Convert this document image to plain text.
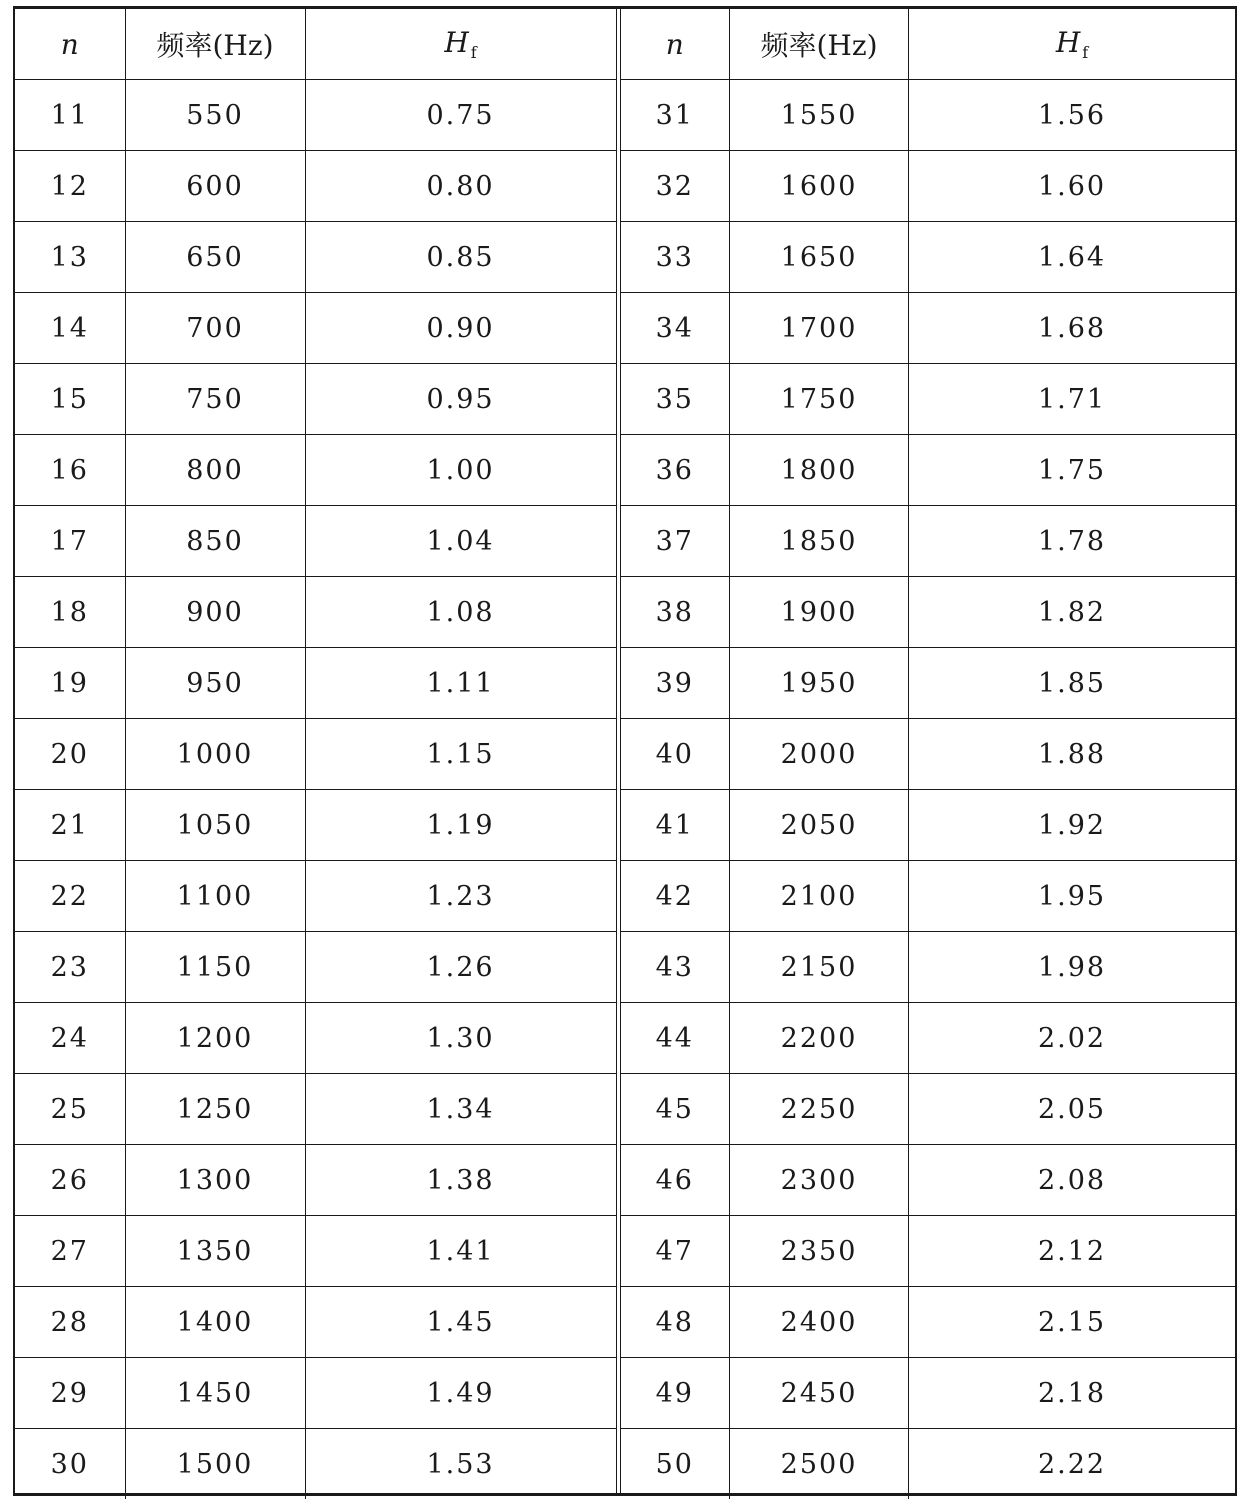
n	频率(Hz)	H $_f$
11	550	0.75
12	600	0.80
13	650	0.85
14	700	0.90
15	750	0.95
16	800	1.00
17	850	1.04
18	900	1.08
19	950	1.11
20	1000	1.15
21	1050	1.19
22	1100	1.23
23	1150	1.26
24	1200	1.30
25	1250	1.34
26	1300	1.38
27	1350	1.41
28	1400	1.45
29	1450	1.49
30	1500	1.53
n	频率(Hz)	H $_f$
31	1550	1.56
32	1600	1.60
33	1650	1.64
34	1700	1.68
35	1750	1.71
36	1800	1.75
37	1850	1.78
38	1900	1.82
39	1950	1.85
40	2000	1.88
41	2050	1.92
42	2100	1.95
43	2150	1.98
44	2200	2.02
45	2250	2.05
46	2300	2.08
47	2350	2.12
48	2400	2.15
49	2450	2.18
50	2500	2.22
